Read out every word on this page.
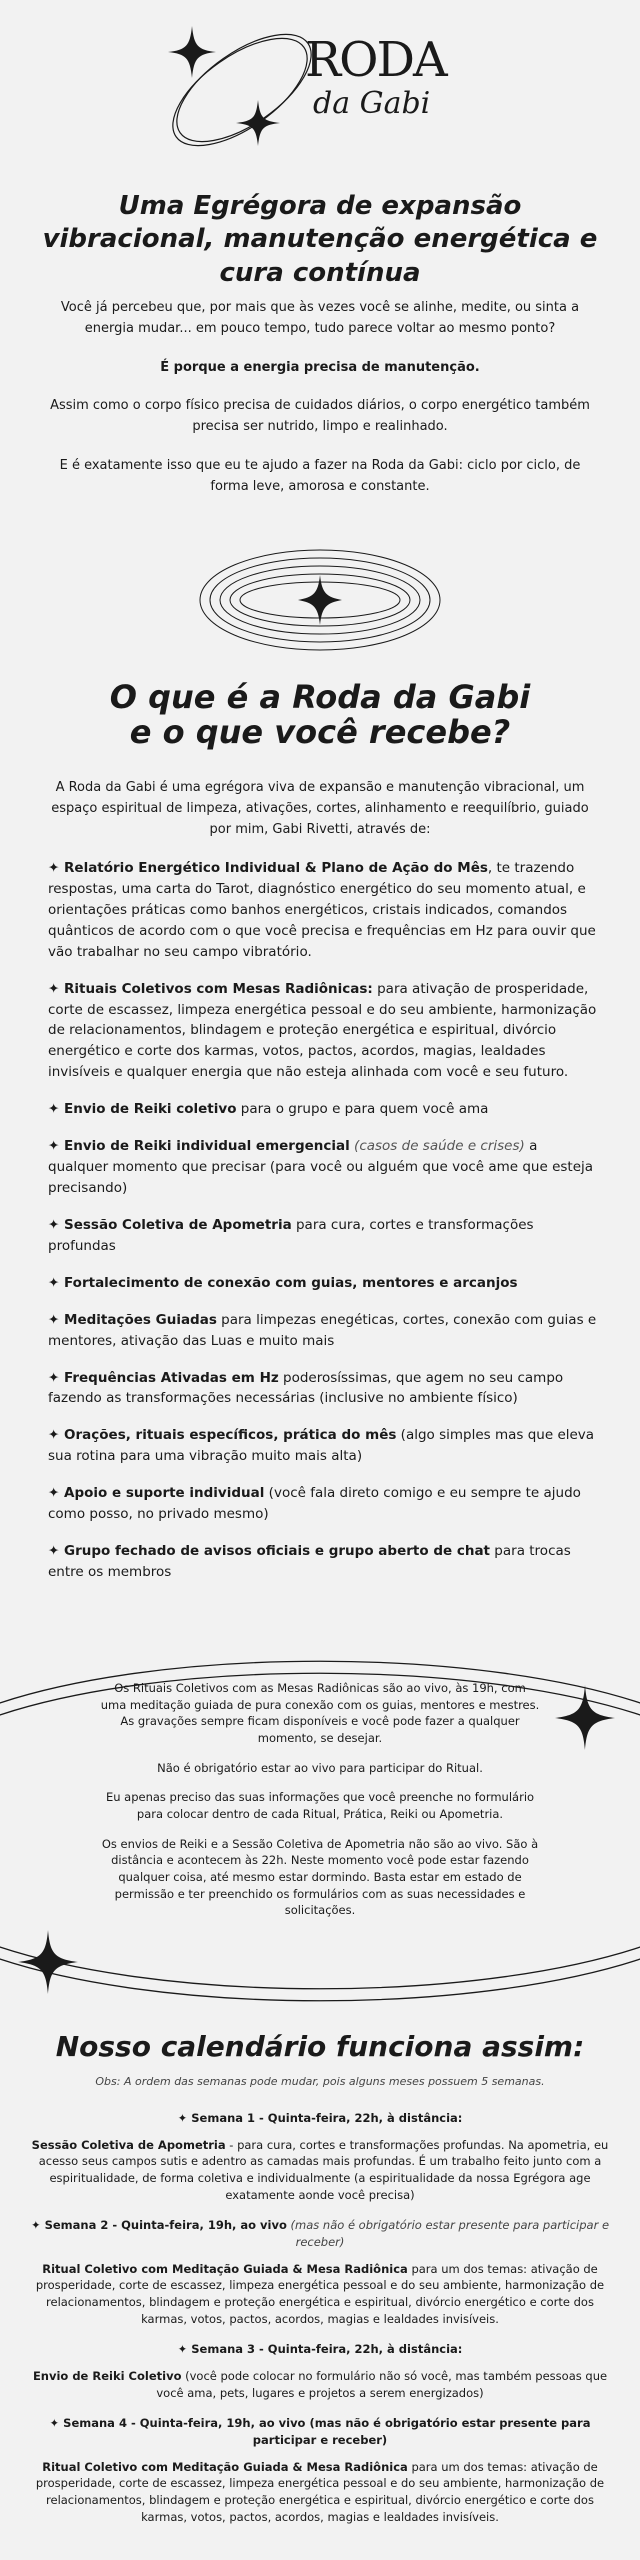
RODA
da Gabi
Uma Egrégora de expansão vibracional, manutenção energética e cura contínua

Você já percebeu que, por mais que às vezes você se alinhe, medite, ou sinta a energia mudar... em pouco tempo, tudo parece voltar ao mesmo ponto?

É porque a energia precisa de manutenção.

Assim como o corpo físico precisa de cuidados diários, o corpo energético também precisa ser nutrido, limpo e realinhado.

E é exatamente isso que eu te ajudo a fazer na Roda da Gabi: ciclo por ciclo, de forma leve, amorosa e constante.

O que é a Roda da Gabi
e o que você recebe?
A Roda da Gabi é uma egrégora viva de expansão e manutenção vibracional, um espaço espiritual de limpeza, ativações, cortes, alinhamento e reequilíbrio, guiado por mim, Gabi Rivetti, através de:

✦ Relatório Energético Individual & Plano de Ação do Mês, te trazendo respostas, uma carta do Tarot, diagnóstico energético do seu momento atual, e orientações práticas como banhos energéticos, cristais indicados, comandos quânticos de acordo com o que você precisa e frequências em Hz para ouvir que vão trabalhar no seu campo vibratório.

✦ Rituais Coletivos com Mesas Radiônicas: para ativação de prosperidade, corte de escassez, limpeza energética pessoal e do seu ambiente, harmonização de relacionamentos, blindagem e proteção energética e espiritual, divórcio energético e corte dos karmas, votos, pactos, acordos, magias, lealdades invisíveis e qualquer energia que não esteja alinhada com você e seu futuro.

✦ Envio de Reiki coletivo para o grupo e para quem você ama

✦ Envio de Reiki individual emergencial (casos de saúde e crises) a qualquer momento que precisar (para você ou alguém que você ame que esteja precisando)

✦ Sessão Coletiva de Apometria para cura, cortes e transformações profundas

✦ Fortalecimento de conexão com guias, mentores e arcanjos

✦ Meditações Guiadas para limpezas enegéticas, cortes, conexão com guias e mentores, ativação das Luas e muito mais

✦ Frequências Ativadas em Hz poderosíssimas, que agem no seu campo fazendo as transformações necessárias (inclusive no ambiente físico)

✦ Orações, rituais específicos, prática do mês (algo simples mas que eleva sua rotina para uma vibração muito mais alta)

✦ Apoio e suporte individual (você fala direto comigo e eu sempre te ajudo como posso, no privado mesmo)

✦ Grupo fechado de avisos oficiais e grupo aberto de chat para trocas entre os membros

Os Rituais Coletivos com as Mesas Radiônicas são ao vivo, às 19h, com uma meditação guiada de pura conexão com os guias, mentores e mestres. As gravações sempre ficam disponíveis e você pode fazer a qualquer momento, se desejar.

Não é obrigatório estar ao vivo para participar do Ritual.

Eu apenas preciso das suas informações que você preenche no formulário para colocar dentro de cada Ritual, Prática, Reiki ou Apometria.

Os envios de Reiki e a Sessão Coletiva de Apometria não são ao vivo. São à distância e acontecem às 22h. Neste momento você pode estar fazendo qualquer coisa, até mesmo estar dormindo. Basta estar em estado de permissão e ter preenchido os formulários com as suas necessidades e solicitações.

Nosso calendário funciona assim:
Obs: A ordem das semanas pode mudar, pois alguns meses possuem 5 semanas.

✦ Semana 1 - Quinta-feira, 22h, à distância:

Sessão Coletiva de Apometria - para cura, cortes e transformações profundas. Na apometria, eu acesso seus campos sutis e adentro as camadas mais profundas. É um trabalho feito junto com a espiritualidade, de forma coletiva e individualmente (a espiritualidade da nossa Egrégora age exatamente aonde você precisa)

✦ Semana 2 - Quinta-feira, 19h, ao vivo (mas não é obrigatório estar presente para participar e receber)

Ritual Coletivo com Meditação Guiada & Mesa Radiônica para um dos temas: ativação de prosperidade, corte de escassez, limpeza energética pessoal e do seu ambiente, harmonização de relacionamentos, blindagem e proteção energética e espiritual, divórcio energético e corte dos karmas, votos, pactos, acordos, magias e lealdades invisíveis.

✦ Semana 3 - Quinta-feira, 22h, à distância:

Envio de Reiki Coletivo (você pode colocar no formulário não só você, mas também pessoas que você ama, pets, lugares e projetos a serem energizados)

✦ Semana 4 - Quinta-feira, 19h, ao vivo (mas não é obrigatório estar presente para participar e receber)

Ritual Coletivo com Meditação Guiada & Mesa Radiônica para um dos temas: ativação de prosperidade, corte de escassez, limpeza energética pessoal e do seu ambiente, harmonização de relacionamentos, blindagem e proteção energética e espiritual, divórcio energético e corte dos karmas, votos, pactos, acordos, magias e lealdades invisíveis.
